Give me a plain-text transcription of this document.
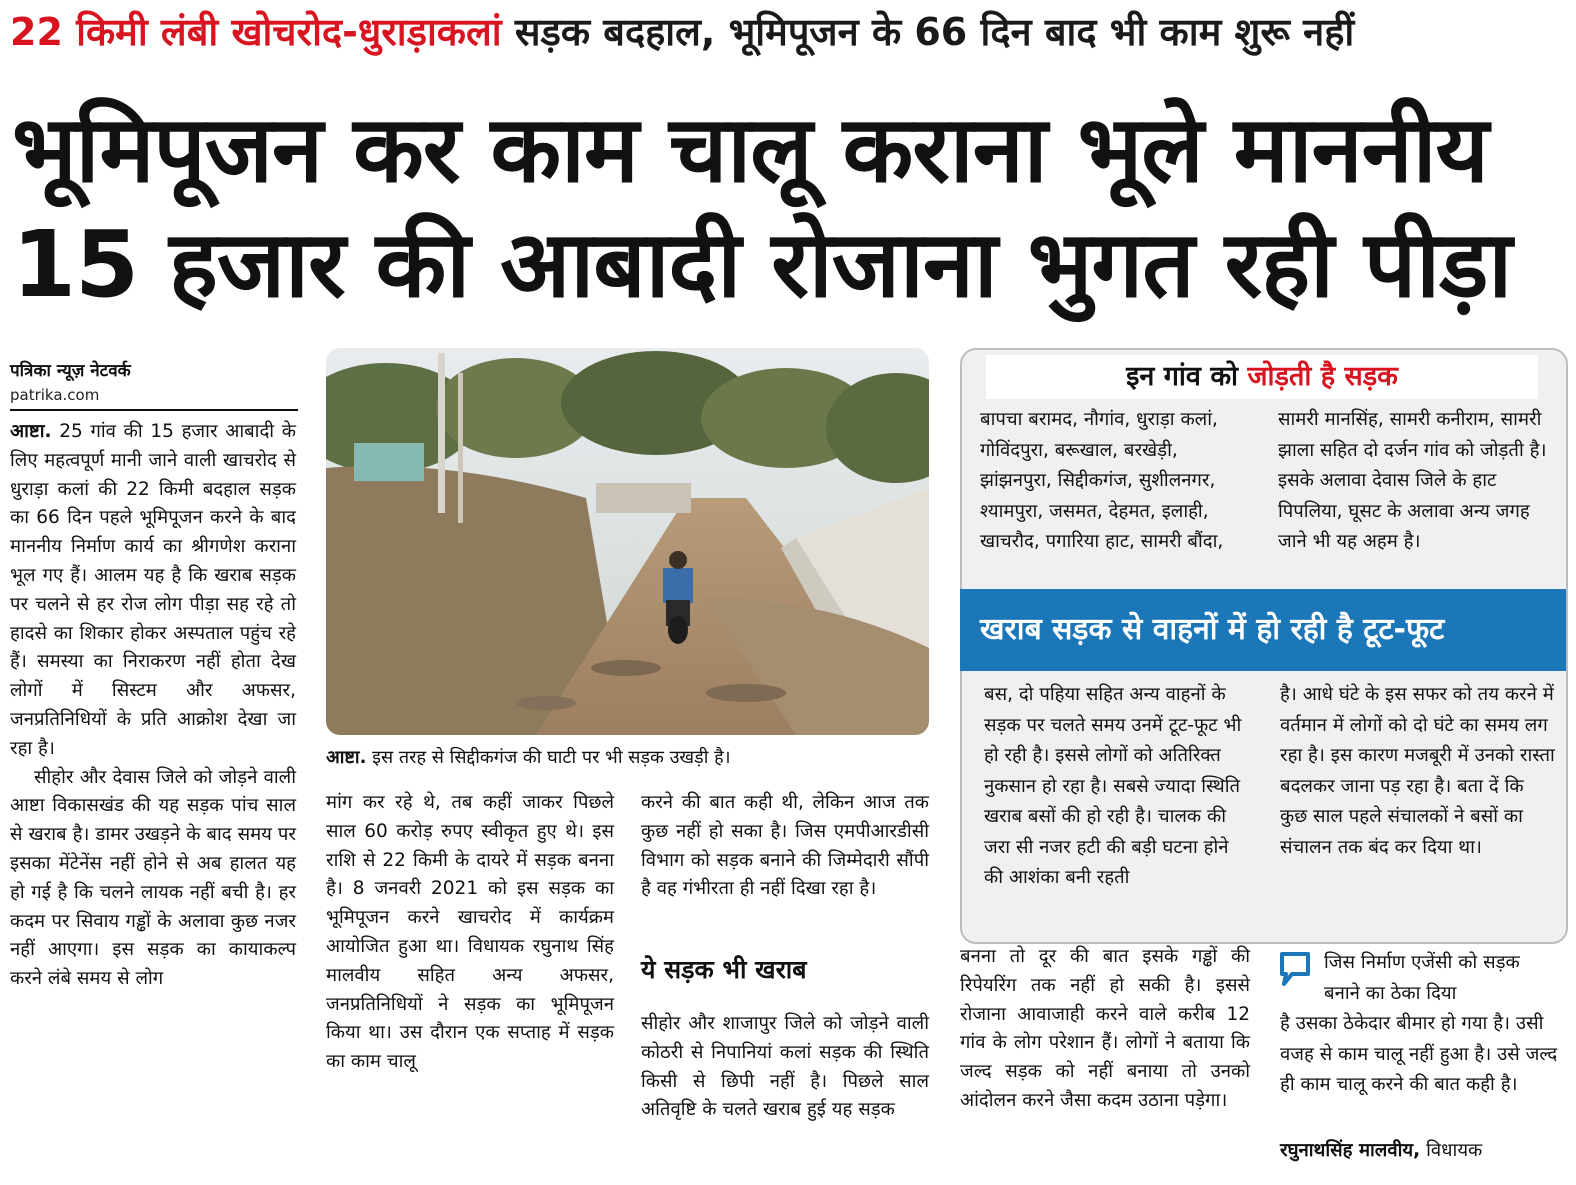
22 किमी लंबी खोचरोद-धुराड़ाकलां सड़क बदहाल, भूमिपूजन के 66 दिन बाद भी काम शुरू नहीं
भूमिपूजन कर काम चालू कराना भूले माननीय
15 हजार की आबादी रोजाना भुगत रही पीड़ा
पत्रिका न्यूज़ नेटवर्क
patrika.com

आष्टा. 25 गांव की 15 हजार आबादी के लिए महत्वपूर्ण मानी जाने वाली खाचरोद से धुराड़ा कलां की 22 किमी बदहाल सड़क का 66 दिन पहले भूमिपूजन करने के बाद माननीय निर्माण कार्य का श्रीगणेश कराना भूल गए हैं। आलम यह है कि खराब सड़क पर चलने से हर रोज लोग पीड़ा सह रहे तो हादसे का शिकार होकर अस्पताल पहुंच रहे हैं। समस्या का निराकरण नहीं होता देख लोगों में सिस्टम और अफसर, जनप्रतिनिधियों के प्रति आक्रोश देखा जा रहा है।

सीहोर और देवास जिले को जोड़ने वाली आष्टा विकासखंड की यह सड़क पांच साल से खराब है। डामर उखड़ने के बाद समय पर इसका मेंटेनेंस नहीं होने से अब हालत यह हो गई है कि चलने लायक नहीं बची है। हर कदम पर सिवाय गड्ढों के अलावा कुछ नजर नहीं आएगा। इस सड़क का कायाकल्प करने लंबे समय से लोग

आष्टा. इस तरह से सिद्दीकगंज की घाटी पर भी सड़क उखड़ी है।
मांग कर रहे थे, तब कहीं जाकर पिछले साल 60 करोड़ रुपए स्वीकृत हुए थे। इस राशि से 22 किमी के दायरे में सड़क बनना है। 8 जनवरी 2021 को इस सड़क का भूमिपूजन करने खाचरोद में कार्यक्रम आयोजित हुआ था। विधायक रघुनाथ सिंह मालवीय सहित अन्य अफसर, जनप्रतिनिधियों ने सड़क का भूमिपूजन किया था। उस दौरान एक सप्ताह में सड़क का काम चालू
करने की बात कही थी, लेकिन आज तक कुछ नहीं हो सका है। जिस एमपीआरडीसी विभाग को सड़क बनाने की जिम्मेदारी सौंपी है वह गंभीरता ही नहीं दिखा रहा है।
ये सड़क भी खराब
सीहोर और शाजापुर जिले को जोड़ने वाली कोठरी से निपानियां कलां सड़क की स्थिति किसी से छिपी नहीं है। पिछले साल अतिवृष्टि के चलते खराब हुई यह सड़क
इन गांव को जोड़ती है सड़क
बापचा बरामद, नौगांव, धुराड़ा कलां, गोविंदपुरा, बरूखाल, बरखेड़ी, झांझनपुरा, सिद्दीकगंज, सुशीलनगर, श्यामपुरा, जसमत, देहमत, इलाही, खाचरौद, पगारिया हाट, सामरी बौंदा,
सामरी मानसिंह, सामरी कनीराम, सामरी झाला सहित दो दर्जन गांव को जोड़ती है।इसके अलावा देवास जिले के हाट पिपलिया, घूसट के अलावा अन्य जगह जाने भी यह अहम है।
खराब सड़क से वाहनों में हो रही है टूट-फूट
बस, दो पहिया सहित अन्य वाहनों के सड़क पर चलते समय उनमें टूट-फूट भी हो रही है। इससे लोगों को अतिरिक्त नुकसान हो रहा है। सबसे ज्यादा स्थिति खराब बसों की हो रही है। चालक की जरा सी नजर हटी की बड़ी घटना होने की आशंका बनी रहती
है। आधे घंटे के इस सफर को तय करने में वर्तमान में लोगों को दो घंटे का समय लग रहा है। इस कारण मजबूरी में उनको रास्ता बदलकर जाना पड़ रहा है। बता दें कि कुछ साल पहले संचालकों ने बसों का संचालन तक बंद कर दिया था।
बनना तो दूर की बात इसके गड्ढों की रिपेयरिंग तक नहीं हो सकी है। इससे रोजाना आवाजाही करने वाले करीब 12 गांव के लोग परेशान हैं। लोगों ने बताया कि जल्द सड़क को नहीं बनाया तो उनको आंदोलन करने जैसा कदम उठाना पड़ेगा।
जिस निर्माण एजेंसी को सड़क बनाने का ठेका दिया
है उसका ठेकेदार बीमार हो गया है। उसी वजह से काम चालू नहीं हुआ है। उसे जल्द ही काम चालू करने की बात कही है।
रघुनाथसिंह मालवीय, विधायक
